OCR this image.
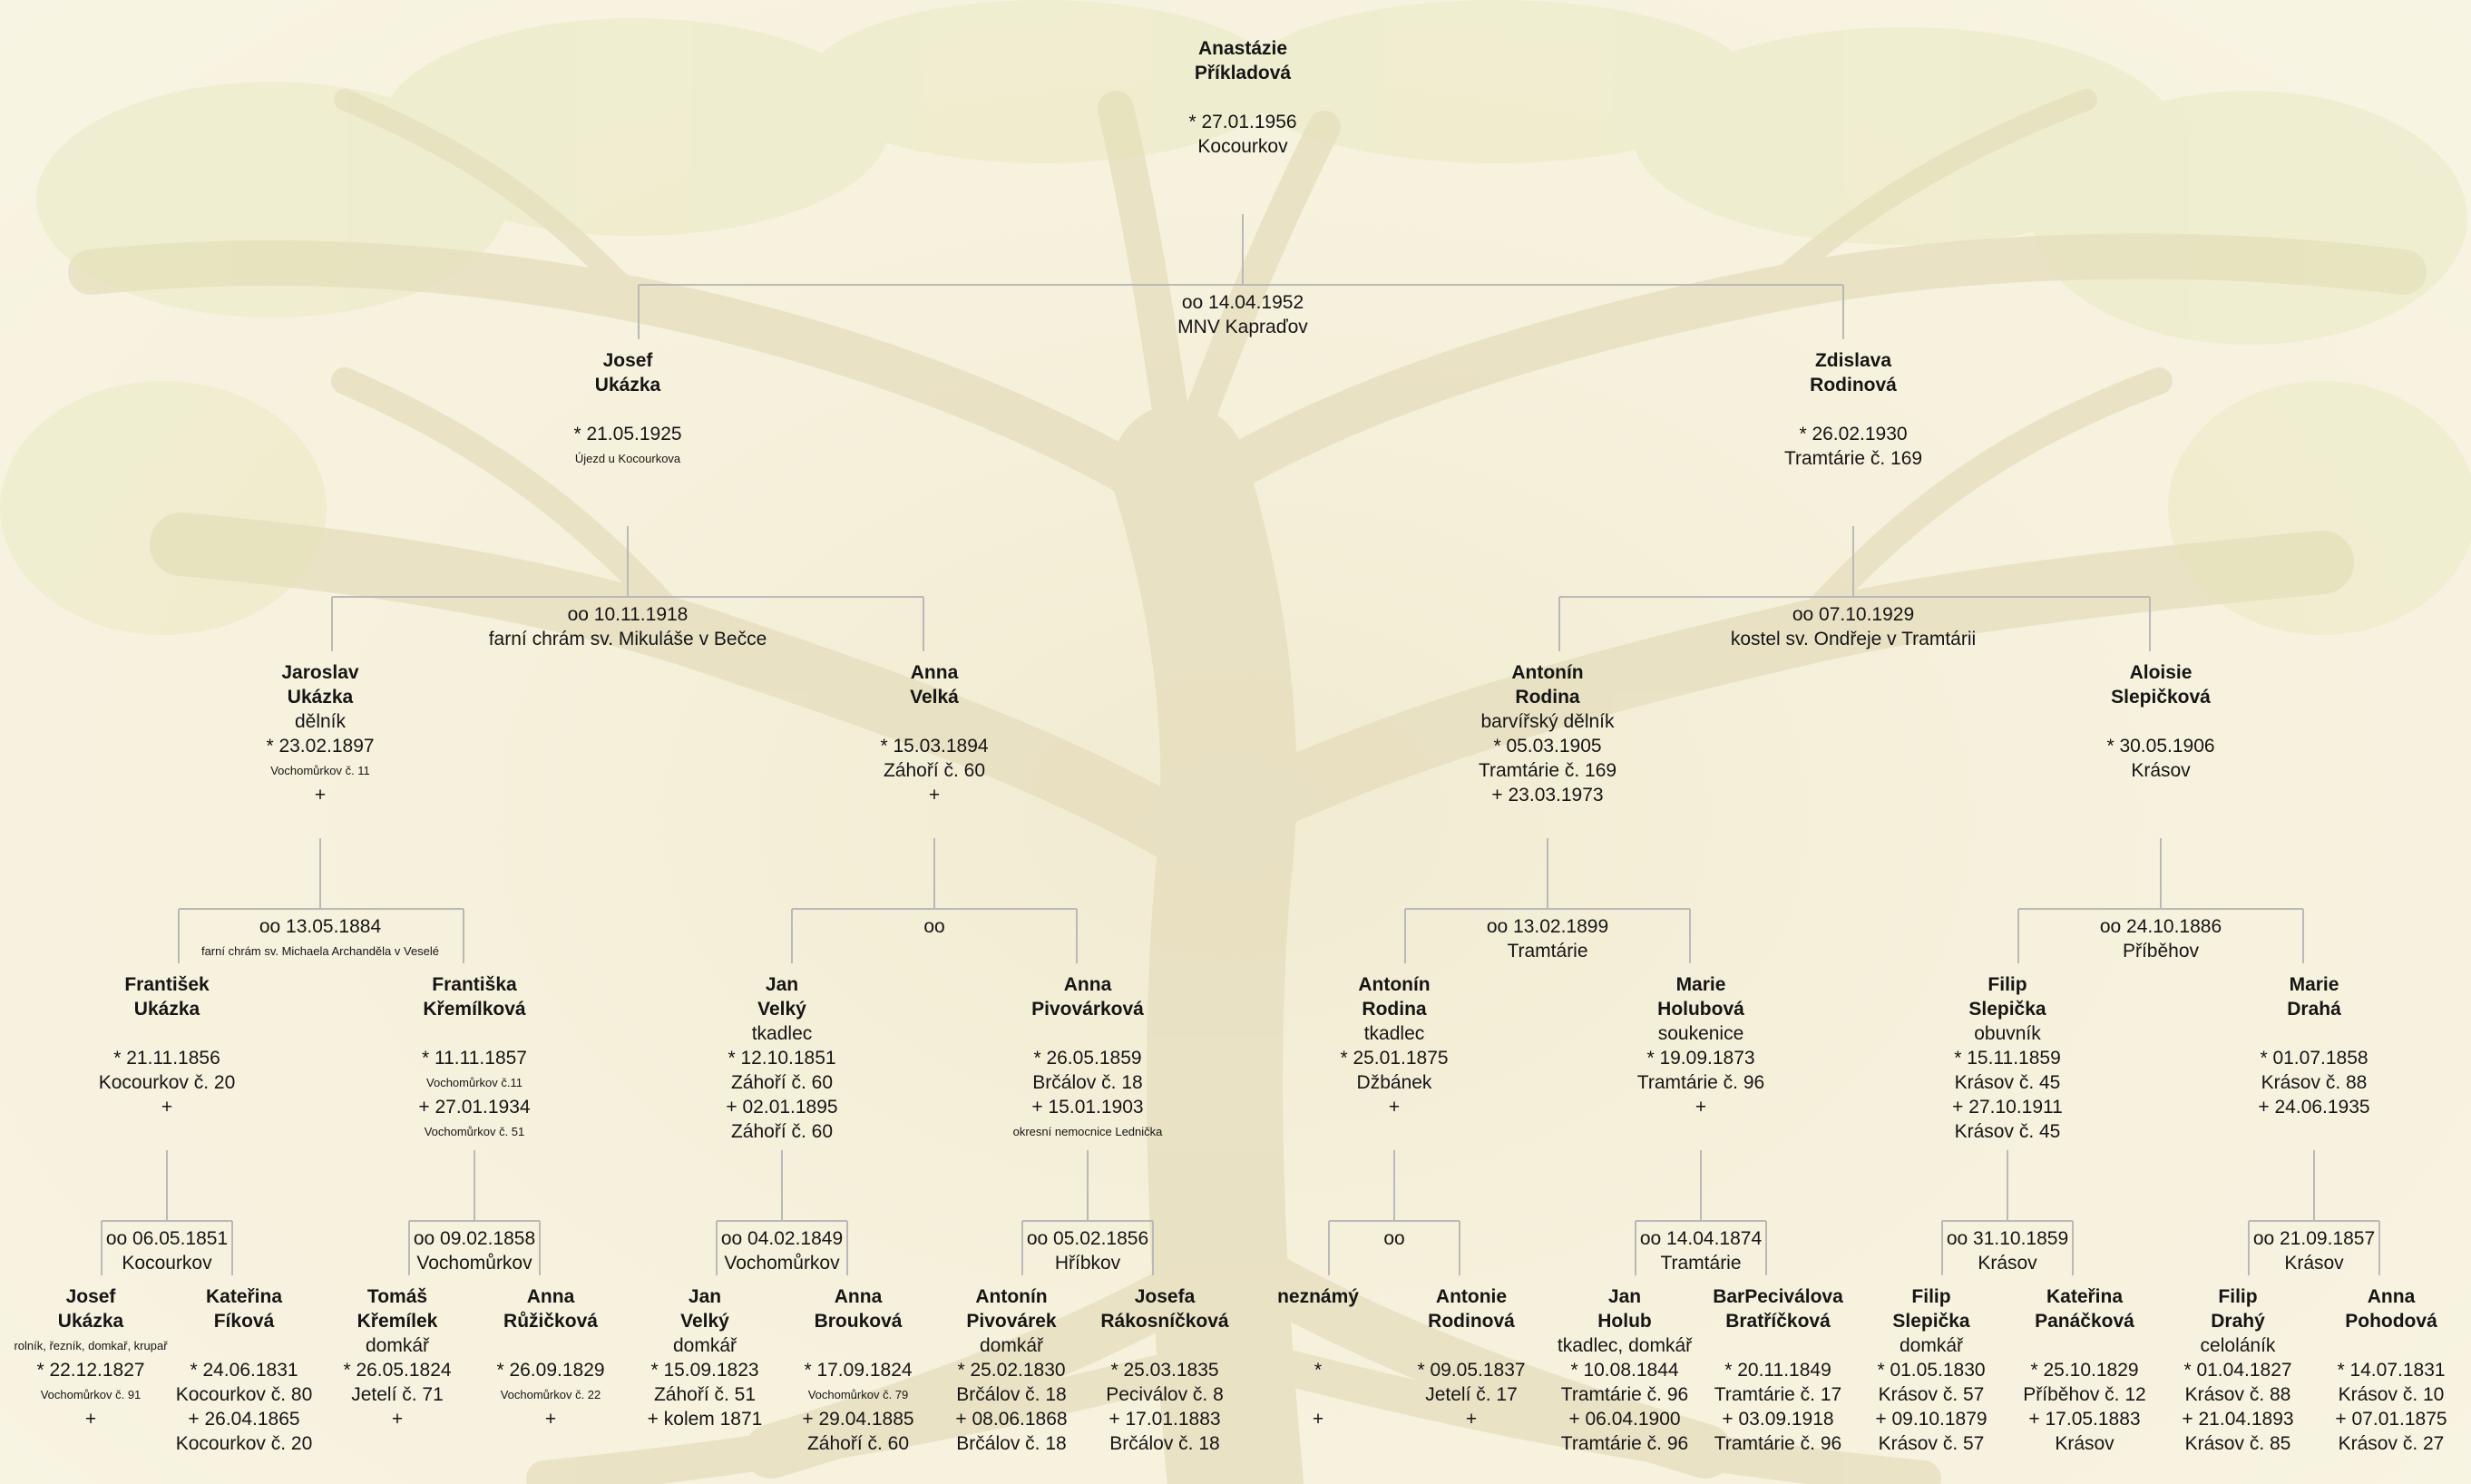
Anastázie
Příkladová
* 27.01.1956
Kocourkov
Josef
Ukázka
* 21.05.1925
Újezd u Kocourkova
Zdislava
Rodinová
* 26.02.1930
Tramtárie č. 169
Jaroslav
Ukázka
dělník
* 23.02.1897
Vochomůrkov č. 11
+
Anna
Velká
* 15.03.1894
Záhoří č. 60
+
Antonín
Rodina
barvířský dělník
* 05.03.1905
Tramtárie č. 169
+ 23.03.1973
Aloisie
Slepičková
* 30.05.1906
Krásov
František
Ukázka
* 21.11.1856
Kocourkov č. 20
+
Františka
Křemílková
* 11.11.1857
Vochomůrkov č.11
+ 27.01.1934
Vochomůrkov č. 51
Jan
Velký
tkadlec
* 12.10.1851
Záhoří č. 60
+ 02.01.1895
Záhoří č. 60
Anna
Pivovárková
* 26.05.1859
Brčálov č. 18
+ 15.01.1903
okresní nemocnice Lednička
Antonín
Rodina
tkadlec
* 25.01.1875
Džbánek
+
Marie
Holubová
soukenice
* 19.09.1873
Tramtárie č. 96
+
Filip
Slepička
obuvník
* 15.11.1859
Krásov č. 45
+ 27.10.1911
Krásov č. 45
Marie
Drahá
* 01.07.1858
Krásov č. 88
+ 24.06.1935
Josef
Ukázka
rolník, řezník, domkař, krupař
* 22.12.1827
Vochomůrkov č. 91
+
Kateřina
Fíková
* 24.06.1831
Kocourkov č. 80
+ 26.04.1865
Kocourkov č. 20
Tomáš
Křemílek
domkář
* 26.05.1824
Jetelí č. 71
+
Anna
Růžičková
* 26.09.1829
Vochomůrkov č. 22
+
Jan
Velký
domkář
* 15.09.1823
Záhoří č. 51
+ kolem 1871
Anna
Brouková
* 17.09.1824
Vochomůrkov č. 79
+ 29.04.1885
Záhoří č. 60
Antonín
Pivovárek
domkář
* 25.02.1830
Brčálov č. 18
+ 08.06.1868
Brčálov č. 18
Josefa
Rákosníčková
* 25.03.1835
Peciválov č. 8
+ 17.01.1883
Brčálov č. 18
neznámý
*
+
Antonie
Rodinová
* 09.05.1837
Jetelí č. 17
+
Jan
Holub
tkadlec, domkář
* 10.08.1844
Tramtárie č. 96
+ 06.04.1900
Tramtárie č. 96
BarPeciválova
Bratříčková
* 20.11.1849
Tramtárie č. 17
+ 03.09.1918
Tramtárie č. 96
Filip
Slepička
domkář
* 01.05.1830
Krásov č. 57
+ 09.10.1879
Krásov č. 57
Kateřina
Panáčková
* 25.10.1829
Příběhov č. 12
+ 17.05.1883
Krásov
Filip
Drahý
celoláník
* 01.04.1827
Krásov č. 88
+ 21.04.1893
Krásov č. 85
Anna
Pohodová
* 14.07.1831
Krásov č. 10
+ 07.01.1875
Krásov č. 27
oo 14.04.1952
MNV Kapraďov
oo 10.11.1918
farní chrám sv. Mikuláše v Bečce
oo 07.10.1929
kostel sv. Ondřeje v Tramtárii
oo 13.05.1884
farní chrám sv. Michaela Archanděla v Veselé
oo	oo 13.02.1899
Tramtárie
oo 24.10.1886
Příběhov
oo 06.05.1851
Kocourkov
oo 09.02.1858
Vochomůrkov
oo 04.02.1849
Vochomůrkov
oo 05.02.1856
Hříbkov
oo	oo 14.04.1874
Tramtárie
oo 31.10.1859
Krásov
oo 21.09.1857
Krásov
